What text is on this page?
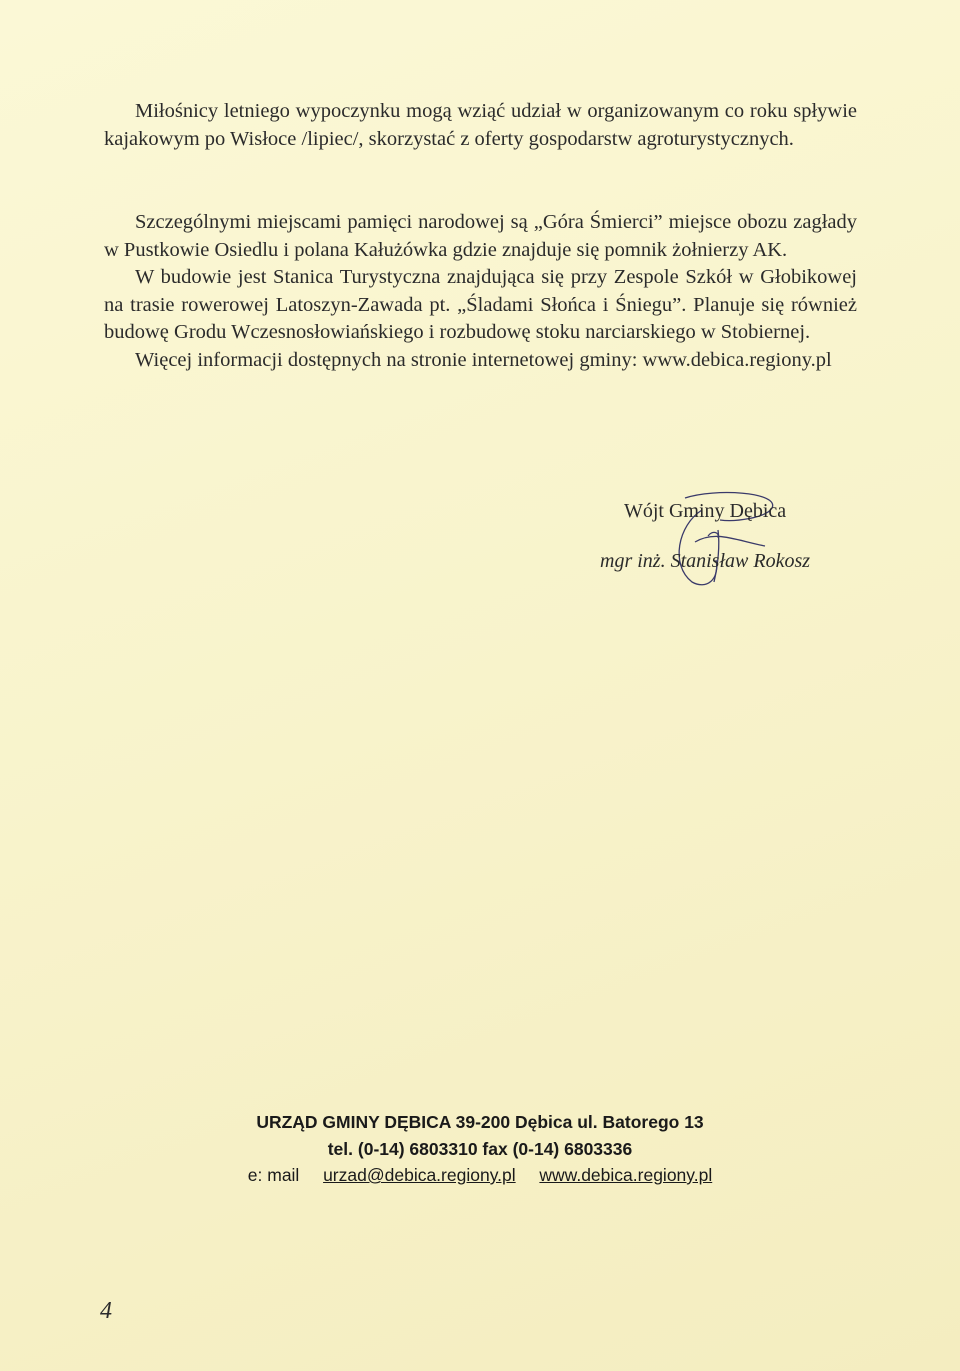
Miłośnicy letniego wypoczynku mogą wziąć udział w organizowanym co roku spływie kajakowym po Wisłoce /lipiec/, skorzystać z oferty gospodarstw agroturystycznych.

Szczególnymi miejscami pamięci narodowej są „Góra Śmierci” miejsce obozu zagłady w Pustkowie Osiedlu i polana Kałużówka gdzie znajduje się pomnik żołnierzy AK.

W budowie jest Stanica Turystyczna znajdująca się przy Zespole Szkół w Głobikowej na trasie rowerowej Latoszyn-Zawada pt. „Śladami Słońca i Śniegu”. Planuje się również budowę Grodu Wczesnosłowiańskiego i rozbudowę stoku narciarskiego w Stobiernej.

Więcej informacji dostępnych na stronie internetowej gminy: www.debica.regiony.pl

Wójt Gminy Dębica
mgr inż. Stanisław Rokosz
URZĄD GMINY DĘBICA 39-200 Dębica ul. Batorego 13
tel. (0-14) 6803310 fax (0-14) 6803336
e: mail urzad@debica.regiony.pl www.debica.regiony.pl
4
